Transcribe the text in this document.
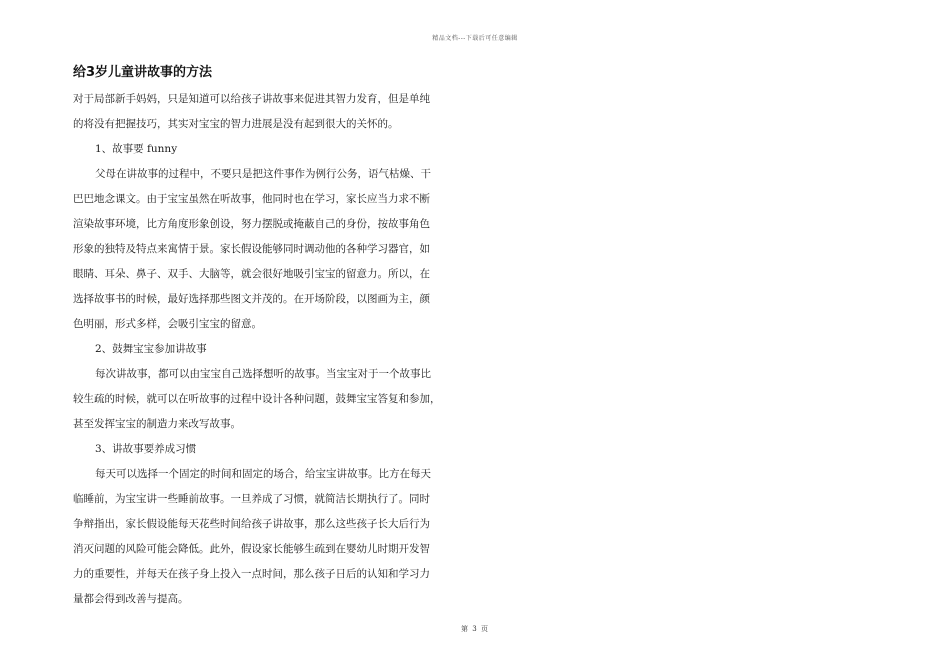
精品文档---下载后可任意编辑
给3岁儿童讲故事的方法

对于局部新手妈妈，只是知道可以给孩子讲故事来促进其智力发育，但是单纯
的将没有把握技巧，其实对宝宝的智力进展是没有起到很大的关怀的。

1、故事要 funny

父母在讲故事的过程中，不要只是把这件事作为例行公务，语气枯燥、干
巴巴地念课文。由于宝宝虽然在听故事，他同时也在学习，家长应当力求不断
渲染故事环境，比方角度形象创设，努力摆脱或掩蔽自己的身份，按故事角色
形象的独特及特点来寓情于景。家长假设能够同时调动他的各种学习器官，如
眼睛、耳朵、鼻子、双手、大脑等，就会很好地吸引宝宝的留意力。所以，在
选择故事书的时候，最好选择那些图文并茂的。在开场阶段，以图画为主，颜
色明丽，形式多样，会吸引宝宝的留意。

2、鼓舞宝宝参加讲故事

每次讲故事，都可以由宝宝自己选择想听的故事。当宝宝对于一个故事比
较生疏的时候，就可以在听故事的过程中设计各种问题，鼓舞宝宝答复和参加，
甚至发挥宝宝的制造力来改写故事。

3、讲故事要养成习惯

每天可以选择一个固定的时间和固定的场合，给宝宝讲故事。比方在每天
临睡前，为宝宝讲一些睡前故事。一旦养成了习惯，就简洁长期执行了。同时
争辩指出，家长假设能每天花些时间给孩子讲故事，那么这些孩子长大后行为
消灭问题的风险可能会降低。此外，假设家长能够生疏到在婴幼儿时期开发智
力的重要性，并每天在孩子身上投入一点时间，那么孩子日后的认知和学习力
量都会得到改善与提高。

第 3 页
